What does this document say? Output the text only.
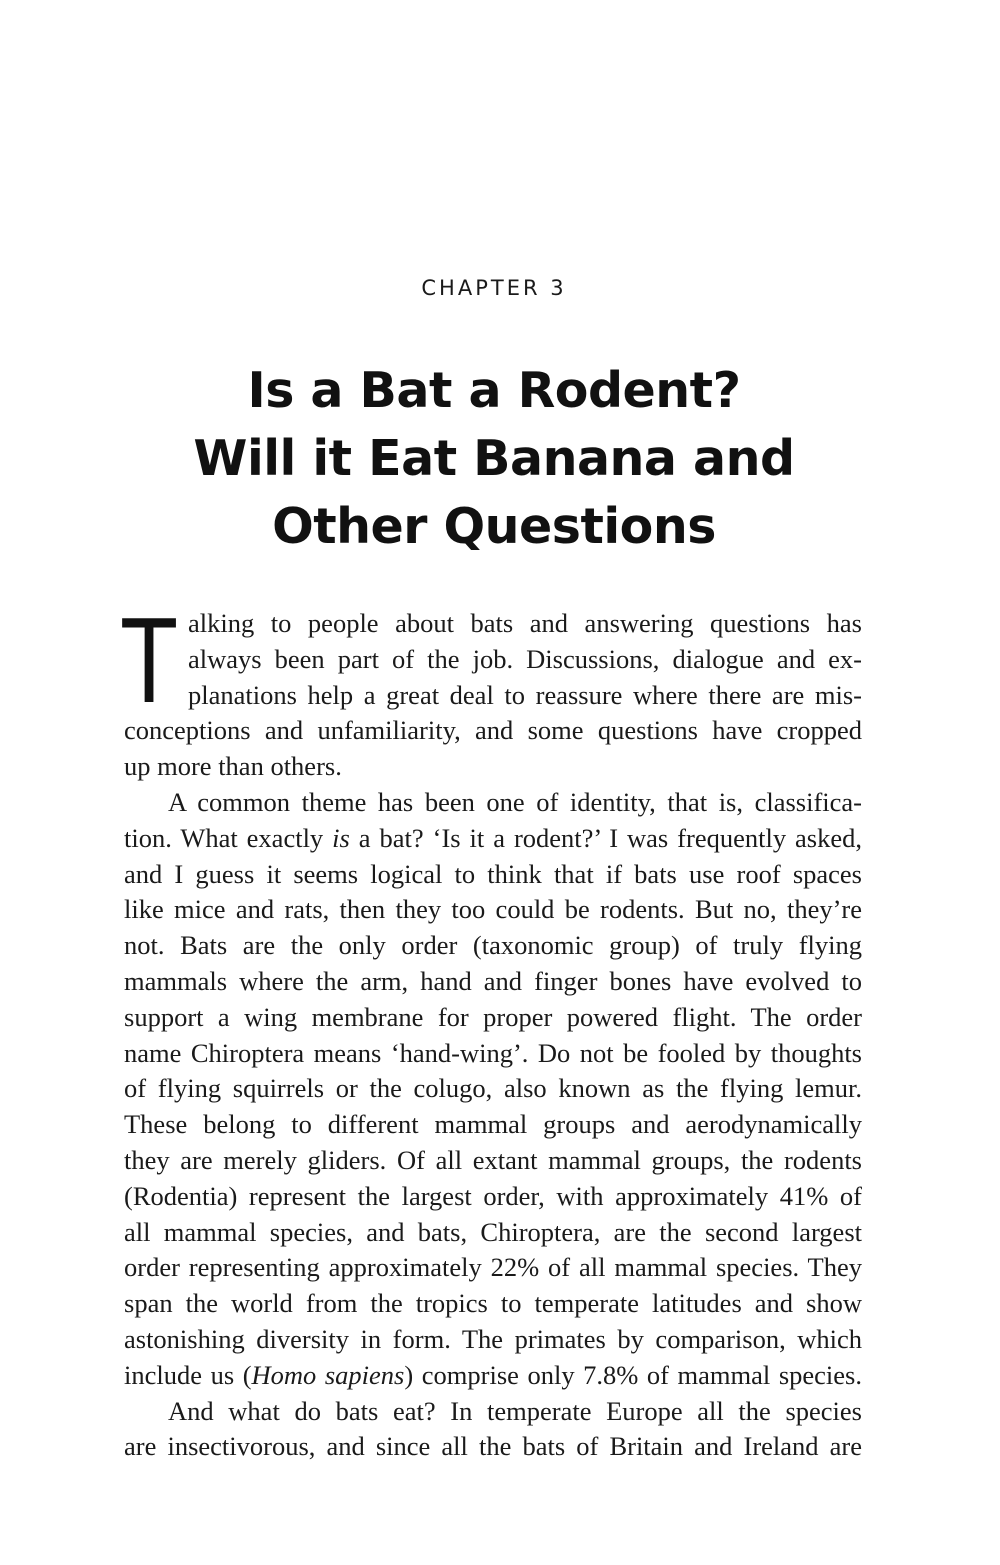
CHAPTER 3
Is a Bat a Rodent?
Will it Eat Banana and
Other Questions

T alking to people about bats and answering questions has
always been part of the job. Discussions, dialogue and ex-
planations help a great deal to reassure where there are mis-
conceptions and unfamiliarity, and some questions have cropped
up more than others.

A common theme has been one of identity, that is, classifica-
tion. What exactly is a bat? ‘Is it a rodent?’ I was frequently asked,
and I guess it seems logical to think that if bats use roof spaces
like mice and rats, then they too could be rodents. But no, they’re
not. Bats are the only order (taxonomic group) of truly flying
mammals where the arm, hand and finger bones have evolved to
support a wing membrane for proper powered flight. The order
name Chiroptera means ‘hand-wing’. Do not be fooled by thoughts
of flying squirrels or the colugo, also known as the flying lemur.
These belong to different mammal groups and aerodynamically
they are merely gliders. Of all extant mammal groups, the rodents
(Rodentia) represent the largest order, with approximately 41% of
all mammal species, and bats, Chiroptera, are the second largest
order representing approximately 22% of all mammal species. They
span the world from the tropics to temperate latitudes and show
astonishing diversity in form. The primates by comparison, which
include us (Homo sapiens) comprise only 7.8% of mammal species.

And what do bats eat? In temperate Europe all the species
are insectivorous, and since all the bats of Britain and Ireland are
